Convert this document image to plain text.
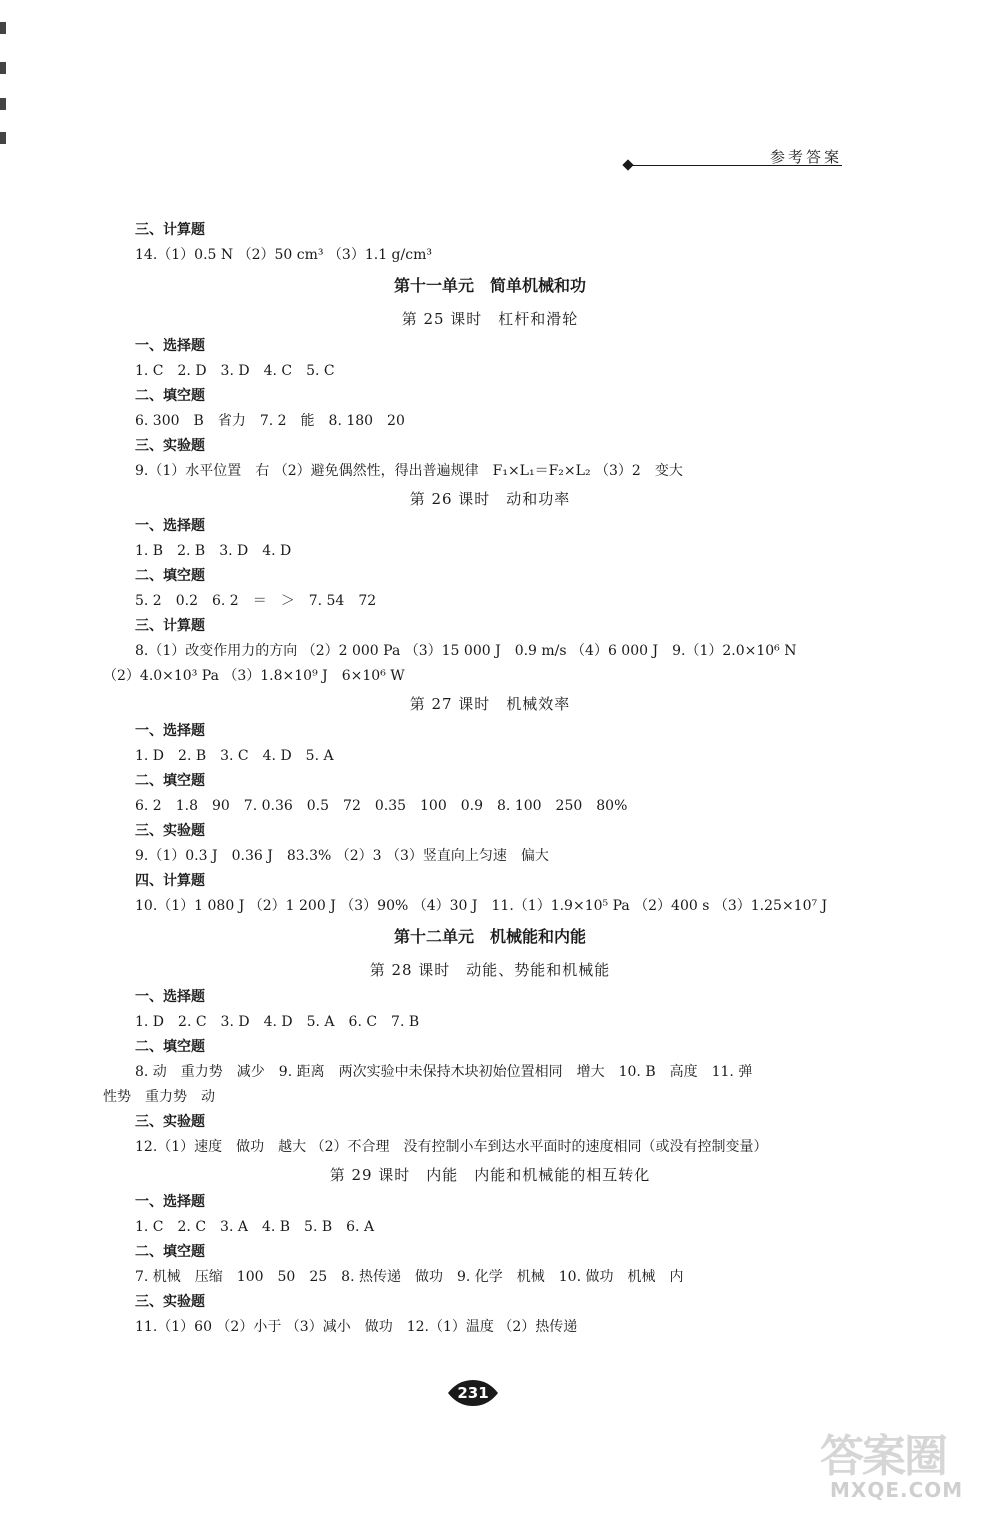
参考答案
三、计算题
14.（1）0.5 N （2）50 cm³ （3）1.1 g/cm³
第十一单元　简单机械和功
第 25 课时　杠杆和滑轮
一、选择题
1. C　2. D　3. D　4. C　5. C
二、填空题
6. 300　B　省力　7. 2　能　8. 180　20
三、实验题
9.（1）水平位置　右 （2）避免偶然性，得出普遍规律　F₁×L₁＝F₂×L₂ （3）2　变大
第 26 课时　动和功率
一、选择题
1. B　2. B　3. D　4. D
二、填空题
5. 2　0.2　6. 2　＝　＞　7. 54　72
三、计算题
8.（1）改变作用力的方向 （2）2 000 Pa （3）15 000 J　0.9 m/s （4）6 000 J　9.（1）2.0×10⁶ N
（2）4.0×10³ Pa （3）1.8×10⁹ J　6×10⁶ W
第 27 课时　机械效率
一、选择题
1. D　2. B　3. C　4. D　5. A
二、填空题
6. 2　1.8　90　7. 0.36　0.5　72　0.35　100　0.9　8. 100　250　80%
三、实验题
9.（1）0.3 J　0.36 J　83.3% （2）3 （3）竖直向上匀速　偏大
四、计算题
10.（1）1 080 J （2）1 200 J （3）90% （4）30 J　11.（1）1.9×10⁵ Pa （2）400 s （3）1.25×10⁷ J
第十二单元　机械能和内能
第 28 课时　动能、势能和机械能
一、选择题
1. D　2. C　3. D　4. D　5. A　6. C　7. B
二、填空题
8. 动　重力势　减少　9. 距离　两次实验中未保持木块初始位置相同　增大　10. B　高度　11. 弹
性势　重力势　动
三、实验题
12.（1）速度　做功　越大 （2）不合理　没有控制小车到达水平面时的速度相同（或没有控制变量）
第 29 课时　内能　内能和机械能的相互转化
一、选择题
1. C　2. C　3. A　4. B　5. B　6. A
二、填空题
7. 机械　压缩　100　50　25　8. 热传递　做功　9. 化学　机械　10. 做功　机械　内
三、实验题
11.（1）60 （2）小于 （3）减小　做功　12.（1）温度 （2）热传递
231
答案圈
MXQE.COM
